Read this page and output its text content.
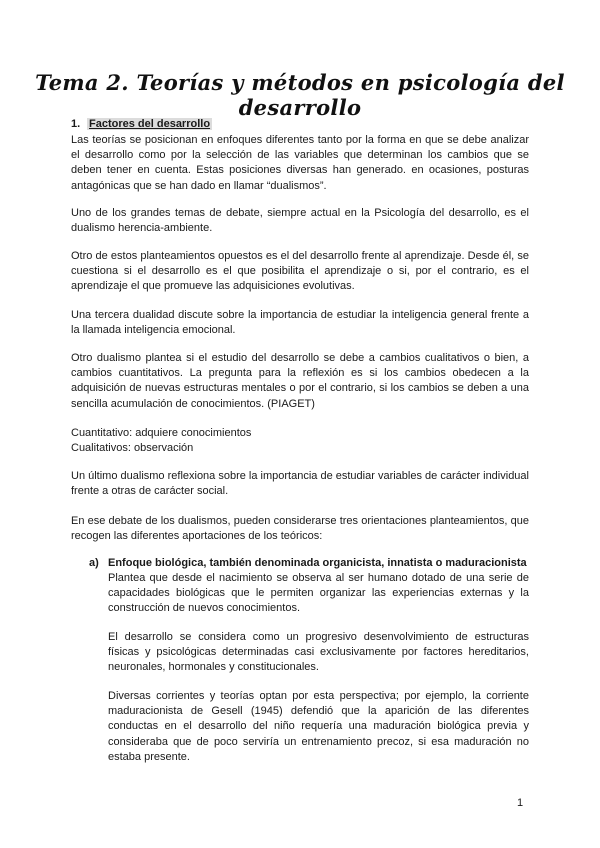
Tema 2. Teorías y métodos en psicología del desarrollo
1. Factores del desarrollo

Las teorías se posicionan en enfoques diferentes tanto por la forma en que se debe analizar el desarrollo como por la selección de las variables que determinan los cambios que se deben tener en cuenta. Estas posiciones diversas han generado. en ocasiones, posturas antagónicas que se han dado en llamar “dualismos”.

Uno de los grandes temas de debate, siempre actual en la Psicología del desarrollo, es el dualismo herencia-ambiente.

Otro de estos planteamientos opuestos es el del desarrollo frente al aprendizaje. Desde él, se cuestiona si el desarrollo es el que posibilita el aprendizaje o si, por el contrario, es el aprendizaje el que promueve las adquisiciones evolutivas.

Una tercera dualidad discute sobre la importancia de estudiar la inteligencia general frente a la llamada inteligencia emocional.

Otro dualismo plantea si el estudio del desarrollo se debe a cambios cualitativos o bien, a cambios cuantitativos. La pregunta para la reflexión es si los cambios obedecen a la adquisición de nuevas estructuras mentales o por el contrario, si los cambios se deben a una sencilla acumulación de conocimientos. (PIAGET)

Cuantitativo: adquiere conocimientos

Cualitativos: observación

Un último dualismo reflexiona sobre la importancia de estudiar variables de carácter individual frente a otras de carácter social.

En ese debate de los dualismos, pueden considerarse tres orientaciones planteamientos, que recogen las diferentes aportaciones de los teóricos:

a) Enfoque biológica, también denominada organicista, innatista o maduracionista

Plantea que desde el nacimiento se observa al ser humano dotado de una serie de capacidades biológicas que le permiten organizar las experiencias externas y la construcción de nuevos conocimientos.

El desarrollo se considera como un progresivo desenvolvimiento de estructuras físicas y psicológicas determinadas casi exclusivamente por factores hereditarios, neuronales, hormonales y constitucionales.

Diversas corrientes y teorías optan por esta perspectiva; por ejemplo, la corriente maduracionista de Gesell (1945) defendió que la aparición de las diferentes conductas en el desarrollo del niño requería una maduración biológica previa y consideraba que de poco serviría un entrenamiento precoz, si esa maduración no estaba presente.

1
